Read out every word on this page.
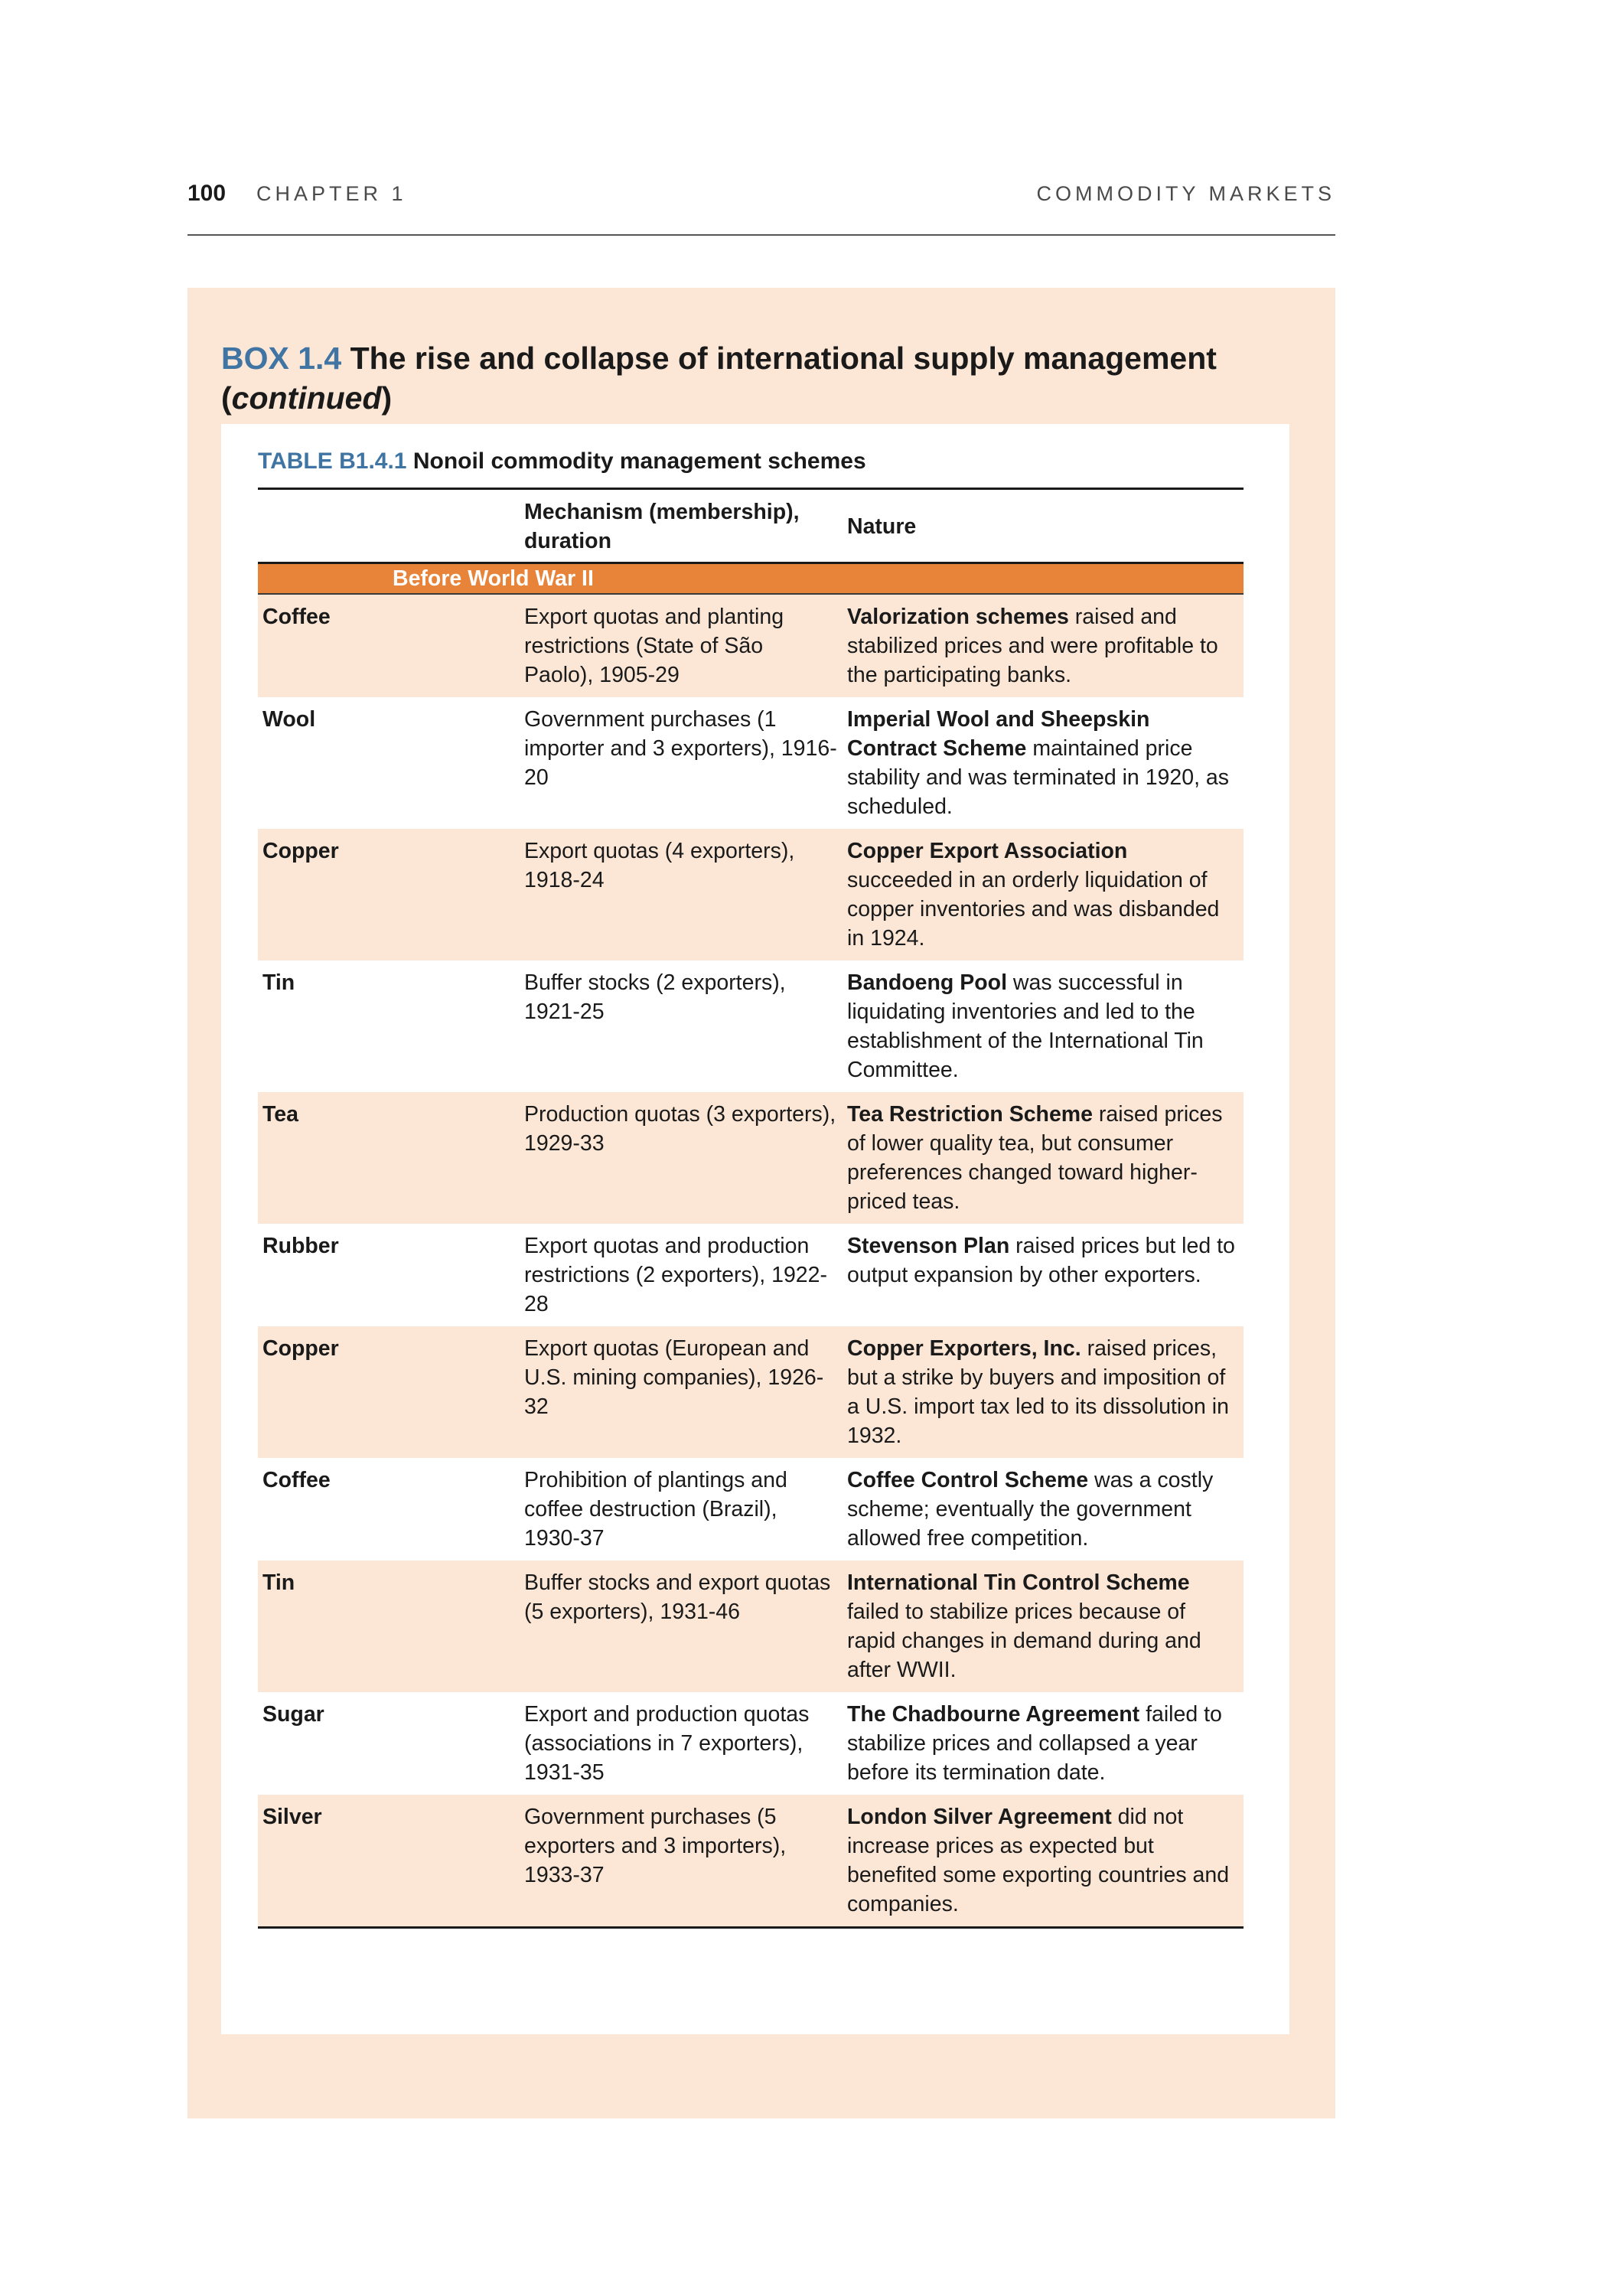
100 CHAPTER 1	COMMODITY MARKETS
BOX 1.4 The rise and collapse of international supply management (continued)
TABLE B1.4.1 Nonoil commodity management schemes
	Mechanism (membership), duration	Nature
Before World War II		
Coffee	Export quotas and planting restrictions (State of São Paolo), 1905-29	Valorization schemes raised and stabilized prices and were profitable to the participating banks.
Wool	Government purchases (1 importer and 3 exporters), 1916-20	Imperial Wool and Sheepskin Contract Scheme maintained price stability and was terminated in 1920, as scheduled.
Copper	Export quotas (4 exporters), 1918-24	Copper Export Association succeeded in an orderly liquidation of copper inventories and was disbanded in 1924.
Tin	Buffer stocks (2 exporters), 1921-25	Bandoeng Pool was successful in liquidating inventories and led to the establishment of the International Tin Committee.
Tea	Production quotas (3 exporters), 1929-33	Tea Restriction Scheme raised prices of lower quality tea, but consumer preferences changed toward higher-priced teas.
Rubber	Export quotas and production restrictions (2 exporters), 1922-28	Stevenson Plan raised prices but led to output expansion by other exporters.
Copper	Export quotas (European and U.S. mining companies), 1926-32	Copper Exporters, Inc. raised prices, but a strike by buyers and imposition of a U.S. import tax led to its dissolution in 1932.
Coffee	Prohibition of plantings and coffee destruction (Brazil), 1930-37	Coffee Control Scheme was a costly scheme; eventually the government allowed free competition.
Tin	Buffer stocks and export quotas (5 exporters), 1931-46	International Tin Control Scheme failed to stabilize prices because of rapid changes in demand during and after WWII.
Sugar	Export and production quotas (associations in 7 exporters), 1931-35	The Chadbourne Agreement failed to stabilize prices and collapsed a year before its termination date.
Silver	Government purchases (5 exporters and 3 importers), 1933-37	London Silver Agreement did not increase prices as expected but benefited some exporting countries and companies.
